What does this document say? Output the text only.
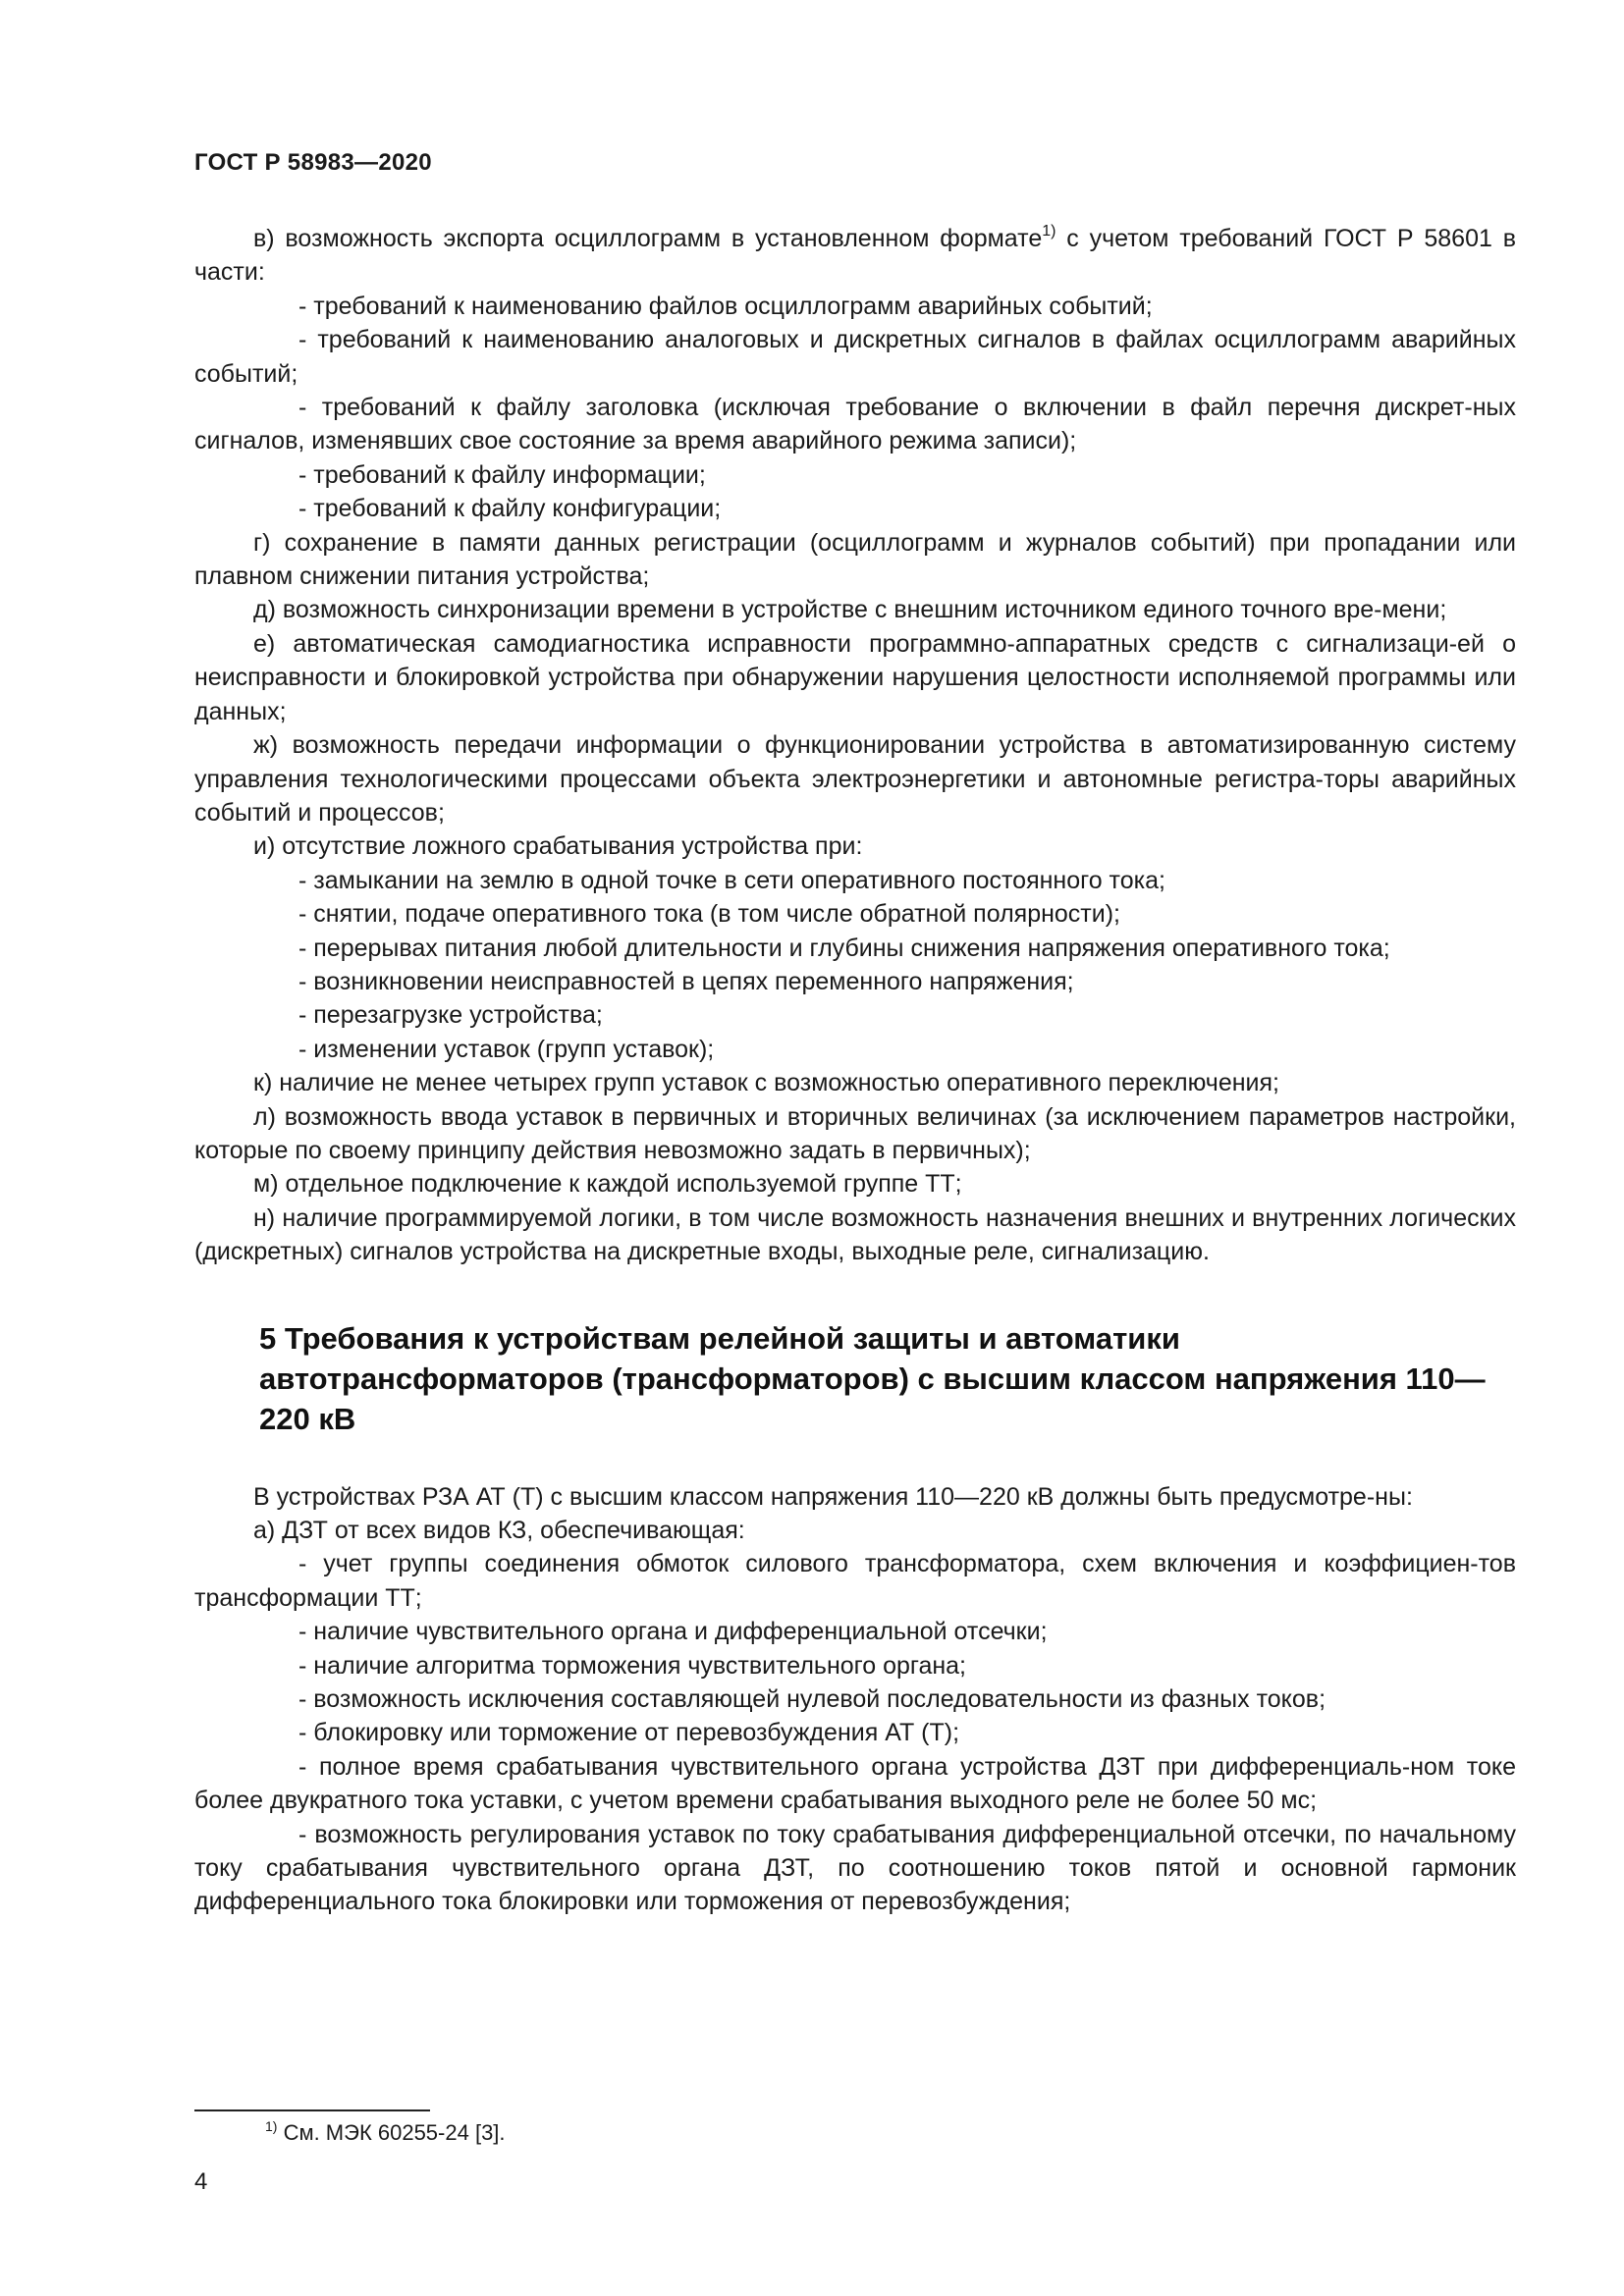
ГОСТ Р 58983—2020

в) возможность экспорта осциллограмм в установленном формате$^{1)}$ с учетом требований ГОСТ Р 58601 в части:

- требований к наименованию файлов осциллограмм аварийных событий;

- требований к наименованию аналоговых и дискретных сигналов в файлах осциллограмм аварийных событий;

- требований к файлу заголовка (исключая требование о включении в файл перечня дискрет-ных сигналов, изменявших свое состояние за время аварийного режима записи);

- требований к файлу информации;

- требований к файлу конфигурации;

г) сохранение в памяти данных регистрации (осциллограмм и журналов событий) при пропадании или плавном снижении питания устройства;

д) возможность синхронизации времени в устройстве с внешним источником единого точного вре-мени;

е) автоматическая самодиагностика исправности программно-аппаратных средств с сигнализаци-ей о неисправности и блокировкой устройства при обнаружении нарушения целостности исполняемой программы или данных;

ж) возможность передачи информации о функционировании устройства в автоматизированную систему управления технологическими процессами объекта электроэнергетики и автономные регистра-торы аварийных событий и процессов;

и) отсутствие ложного срабатывания устройства при:

- замыкании на землю в одной точке в сети оперативного постоянного тока;

- снятии, подаче оперативного тока (в том числе обратной полярности);

- перерывах питания любой длительности и глубины снижения напряжения оперативного тока;

- возникновении неисправностей в цепях переменного напряжения;

- перезагрузке устройства;

- изменении уставок (групп уставок);

к) наличие не менее четырех групп уставок с возможностью оперативного переключения;

л) возможность ввода уставок в первичных и вторичных величинах (за исключением параметров настройки, которые по своему принципу действия невозможно задать в первичных);

м) отдельное подключение к каждой используемой группе ТТ;

н) наличие программируемой логики, в том числе возможность назначения внешних и внутренних логических (дискретных) сигналов устройства на дискретные входы, выходные реле, сигнализацию.

5 Требования к устройствам релейной защиты и автоматики автотрансформаторов (трансформаторов) с высшим классом напряжения 110—220 кВ

В устройствах РЗА АТ (Т) с высшим классом напряжения 110—220 кВ должны быть предусмотре-ны:

а) ДЗТ от всех видов КЗ, обеспечивающая:

- учет группы соединения обмоток силового трансформатора, схем включения и коэффициен-тов трансформации ТТ;

- наличие чувствительного органа и дифференциальной отсечки;

- наличие алгоритма торможения чувствительного органа;

- возможность исключения составляющей нулевой последовательности из фазных токов;

- блокировку или торможение от перевозбуждения АТ (Т);

- полное время срабатывания чувствительного органа устройства ДЗТ при дифференциаль-ном токе более двукратного тока уставки, с учетом времени срабатывания выходного реле не более 50 мс;

- возможность регулирования уставок по току срабатывания дифференциальной отсечки, по начальному току срабатывания чувствительного органа ДЗТ, по соотношению токов пятой и основной гармоник дифференциального тока блокировки или торможения от перевозбуждения;

$^{1)}$ См. МЭК 60255-24 [3].
4
